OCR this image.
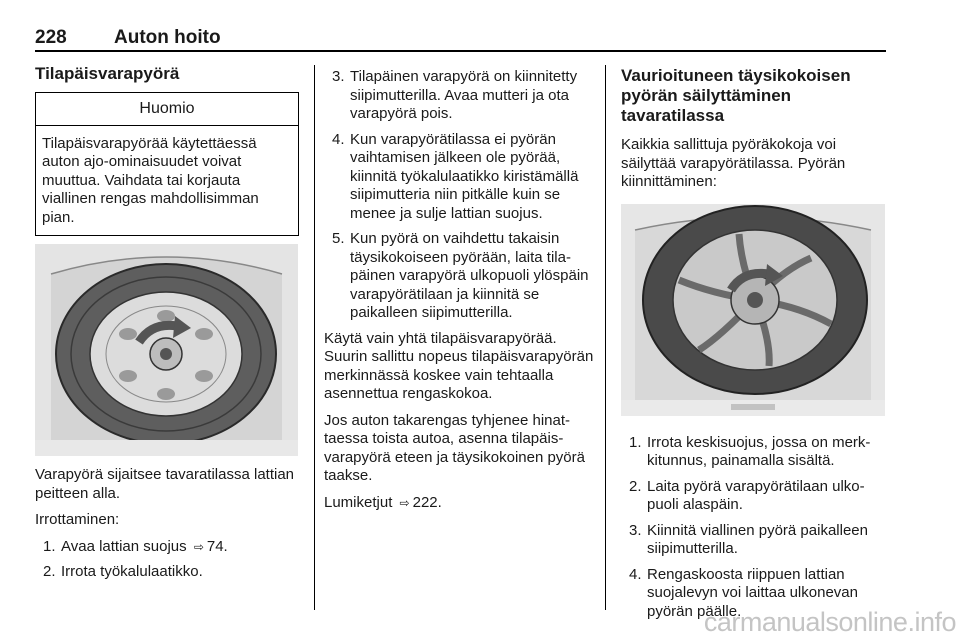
228 Auton hoito
Tilapäisvarapyörä
Huomio
Tilapäisvarapyörää käytettäessä auton ajo-ominaisuudet voivat muuttua. Vaihdata tai korjauta viallinen rengas mahdollisimman pian.

Varapyörä sijaitsee tavaratilassa lattian peitteen alla.

Irrottaminen:

1. Avaa lattian suojus ⇨ 74.
2. Irrota työkalulaatikko.
3. Tilapäinen varapyörä on kiinnitetty siipimutterilla. Avaa mutteri ja ota varapyörä pois.
4. Kun varapyörätilassa ei pyörän vaihtamisen jälkeen ole pyörää, kiinnitä työkalulaatikko kiristämällä siipimutteria niin pitkälle kuin se menee ja sulje lattian suojus.
5. Kun pyörä on vaihdettu takaisin täysikokoiseen pyörään, laita tilapäinen varapyörä ulkopuoli ylöspäin varapyörätilaan ja kiinnitä se paikalleen siipimutterilla.

Käytä vain yhtä tilapäisvarapyörää. Suurin sallittu nopeus tilapäisvarapyörän merkinnässä koskee vain tehtaalla asennettua rengaskokoa.

Jos auton takarengas tyhjenee hinattaessa toista autoa, asenna tilapäisvarapyörä eteen ja täysikokoinen pyörä taakse.

Lumiketjut ⇨ 222.

Vaurioituneen täysikokoisen pyörän säilyttäminen tavaratilassa

Kaikkia sallittuja pyöräkokoja voi säilyttää varapyörätilassa. Pyörän kiinnittäminen:

1. Irrota keskisuojus, jossa on merkkitunnus, painamalla sisältä.
2. Laita pyörä varapyörätilaan ulkopuoli alaspäin.
3. Kiinnitä viallinen pyörä paikalleen siipimutterilla.
4. Rengaskoosta riippuen lattian suojalevyn voi laittaa ulkonevan pyörän päälle.
carmanualsonline.info
